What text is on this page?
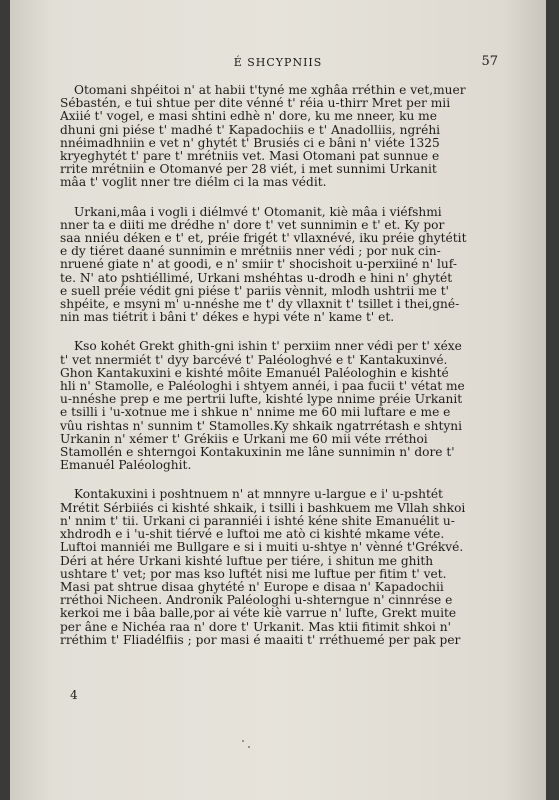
É SHCYPNIIS	57

Otomani shpéitoi n' at habii t'tyné me xghâa rréthin e vet,muer
Sébastén, e tui shtue per dite vénné t' réia u-thirr Mret per mii
Axiié t' vogel, e masi shtini edhè n' dore, ku me nneer, ku me
dhuni gni piése t' madhé t' Kapadochiis e t' Anadolliis, ngréhi
nnéimadhniin e vet n' ghytét t' Brusiés ci e bâni n' viéte 1325
kryeghytét t' pare t' mrétniis vet. Masi Otomani pat sunnue e
rrite mrétniin e Otomanvé per 28 viét, i met sunnimi Urkanit
mâa t' voglit nner tre diélm ci la mas védit.

Urkani,mâa i vogli i diélmvé t' Otomanit, kiè mâa i viéfshmi
nner ta e diiti me drédhe n' dore t' vet sunnimin e t' et. Ky por
saa nniéu déken e t' et, préie frigét t' vllaxnévé, iku préie ghytétit
e dy tiéret daané sunnimin e mrétniis nner védi ; por nuk cin-
nruené giate n' at goodi, e n' smiir t' shocishoit u-perxiiné n' luf-
te. N' ato pshtiéllimé, Urkani mshéhtas u-drodh e hini n' ghytét
e suell préie védit gni piése t' pariis vènnit, mlodh ushtrii me t'
shpéite, e msyni m' u-nnéshe me t' dy vllaxnit t' tsillet i thei,gné-
nin mas tiétrit i bâni t' dékes e hypi véte n' kame t' et.

Kso kohét Grekt ghith-gni ishin t' perxiim nner védi per t' xéxe
t' vet nnermiét t' dyy barcévé t' Paléologhvé e t' Kantakuxinvé.
Ghon Kantakuxini e kishté môite Emanuél Paléologhin e kishté
hli n' Stamolle, e Paléologhi i shtyem annéi, i paa fucii t' vétat me
u-nnéshe prep e me pertrii lufte, kishté lype nnime préie Urkanit
e tsilli i 'u-xotnue me i shkue n' nnime me 60 mii luftare e me e
vûu rishtas n' sunnim t' Stamolles.Ky shkaik ngatrrétash e shtyni
Urkanin n' xémer t' Grékiis e Urkani me 60 mii véte rréthoi
Stamollén e shterngoi Kontakuxinin me lâne sunnimin n' dore t'
Emanuél Paléologhit.

Kontakuxini i poshtnuem n' at mnnyre u-largue e i' u-pshtét
Mrétit Sérbiiés ci kishté shkaik, i tsilli i bashkuem me Vllah shkoi
n' nnim t' tii. Urkani ci paranniéi i ishté kéne shite Emanuélit u-
xhdrodh e i 'u-shit tiérvé e luftoi me atò ci kishté mkame véte.
Luftoi manniéi me Bullgare e si i muiti u-shtye n' vènné t'Grékvé.
Déri at hére Urkani kishté luftue per tiére, i shitun me ghith
ushtare t' vet; por mas kso luftét nisi me luftue per fitim t' vet.
Masi pat shtrue disaa ghytété n' Europe e disaa n' Kapadochii
rréthoi Nicheen. Andronik Paléologhi u-shterngue n' cinnrése e
kerkoi me i bâa balle,por ai véte kiè varrue n' lufte, Grekt muite
per âne e Nichéa raa n' dore t' Urkanit. Mas ktii fitimit shkoi n'
rréthim t' Fliadélfiis ; por masi é maaiti t' rréthuemé per pak per

4
